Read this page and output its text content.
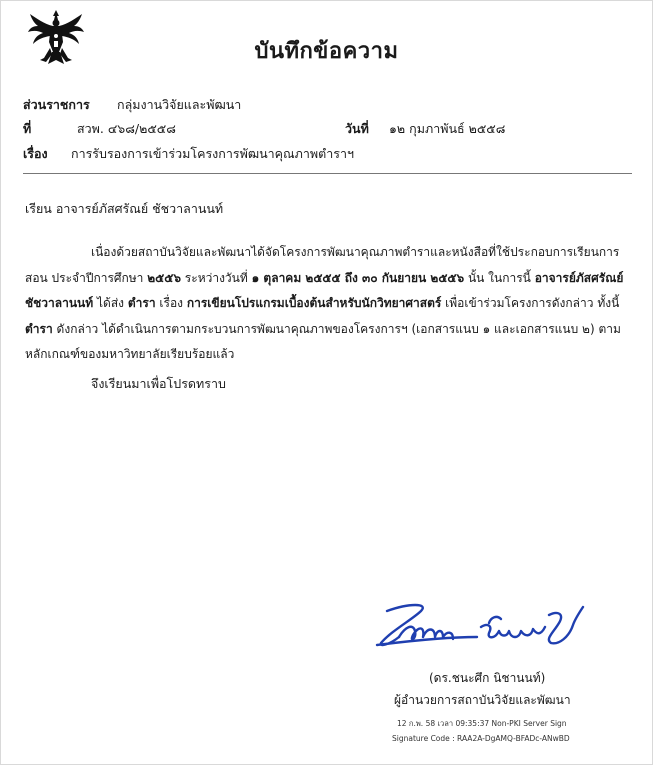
บันทึกข้อความ
ส่วนราชการ กลุ่มงานวิจัยและพัฒนา
ที่	สวพ. ๔๖๘/๒๕๕๘	วันที่ ๑๒ กุมภาพันธ์ ๒๕๕๘
เรื่อง การรับรองการเข้าร่วมโครงการพัฒนาคุณภาพตำราฯ
เรียน อาจารย์ภัสศรัณย์ ชัชวาลานนท์

เนื่องด้วยสถาบันวิจัยและพัฒนาได้จัดโครงการพัฒนาคุณภาพตำราและหนังสือที่ใช้ประกอบการเรียนการสอน ประจำปีการศึกษา ๒๕๕๖ ระหว่างวันที่ ๑ ตุลาคม ๒๕๕๕ ถึง ๓๐ กันยายน ๒๕๕๖ นั้น ในการนี้ อาจารย์ภัสศรัณย์ ชัชวาลานนท์ ได้ส่ง ตำรา เรื่อง การเขียนโปรแกรมเบื้องต้นสำหรับนักวิทยาศาสตร์ เพื่อเข้าร่วมโครงการดังกล่าว ทั้งนี้ ตำรา ดังกล่าว ได้ดำเนินการตามกระบวนการพัฒนาคุณภาพของโครงการฯ (เอกสารแนบ ๑ และเอกสารแนบ ๒) ตามหลักเกณฑ์ของมหาวิทยาลัยเรียบร้อยแล้ว

จึงเรียนมาเพื่อโปรดทราบ
(ดร.ชนะศึก นิชานนท์)
ผู้อำนวยการสถาบันวิจัยและพัฒนา
12 ก.พ. 58 เวลา 09:35:37 Non-PKI Server Sign
Signature Code : RAA2A-DgAMQ-BFADc-ANwBD
